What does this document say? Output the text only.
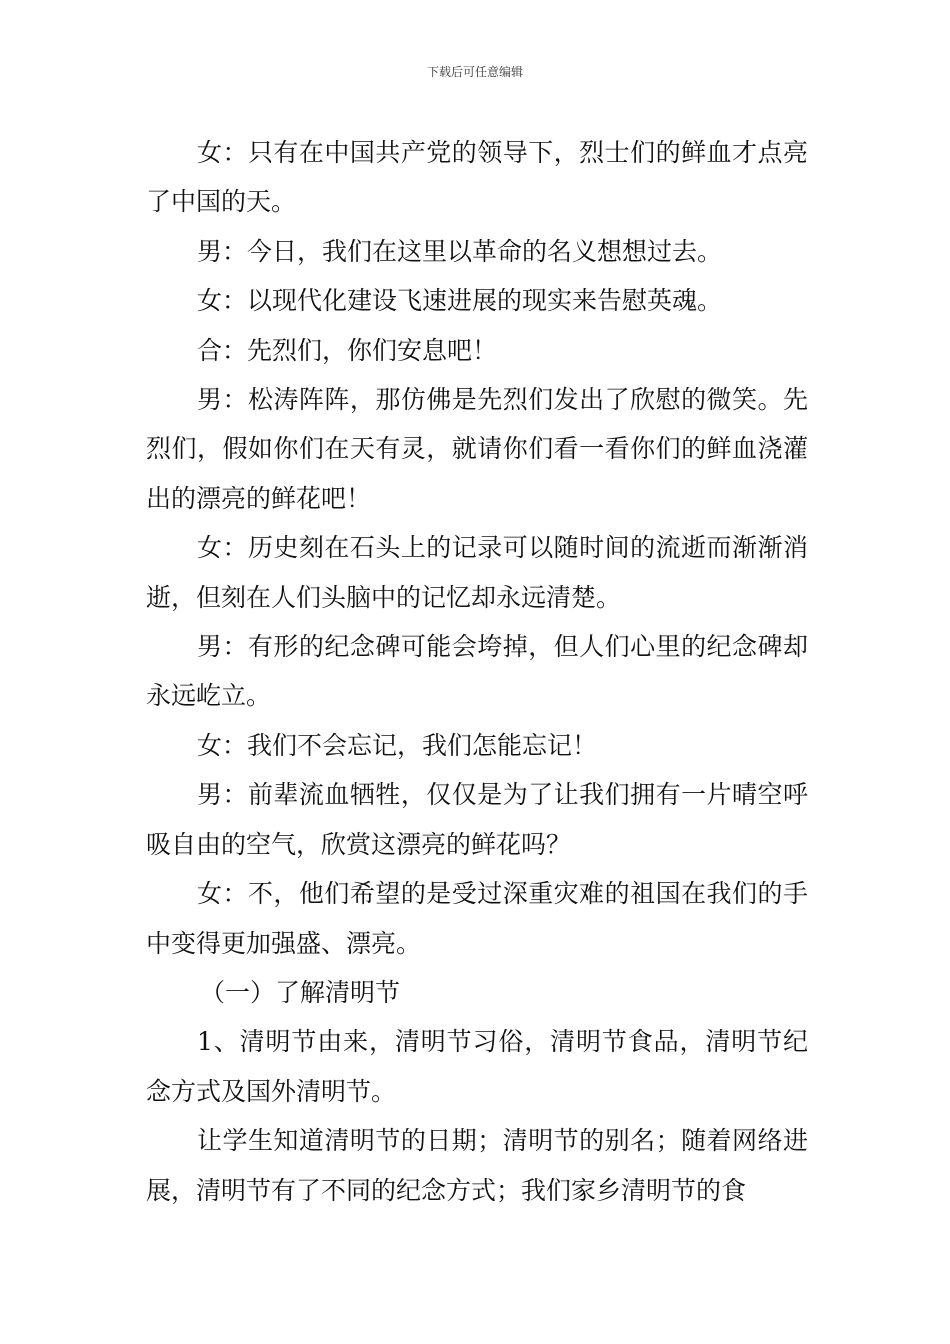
下载后可任意编辑

女：只有在中国共产党的领导下，烈士们的鲜血才点亮了中国的天。

男：今日，我们在这里以革命的名义想想过去。

女：以现代化建设飞速进展的现实来告慰英魂。

合：先烈们，你们安息吧！

男：松涛阵阵，那仿佛是先烈们发出了欣慰的微笑。先烈们，假如你们在天有灵，就请你们看一看你们的鲜血浇灌出的漂亮的鲜花吧！

女：历史刻在石头上的记录可以随时间的流逝而渐渐消逝，但刻在人们头脑中的记忆却永远清楚。

男：有形的纪念碑可能会垮掉，但人们心里的纪念碑却永远屹立。

女：我们不会忘记，我们怎能忘记！

男：前辈流血牺牲，仅仅是为了让我们拥有一片晴空呼吸自由的空气，欣赏这漂亮的鲜花吗？

女：不，他们希望的是受过深重灾难的祖国在我们的手中变得更加强盛、漂亮。

（一）了解清明节

1、清明节由来，清明节习俗，清明节食品，清明节纪念方式及国外清明节。

让学生知道清明节的日期；清明节的别名；随着网络进展，清明节有了不同的纪念方式；我们家乡清明节的食
